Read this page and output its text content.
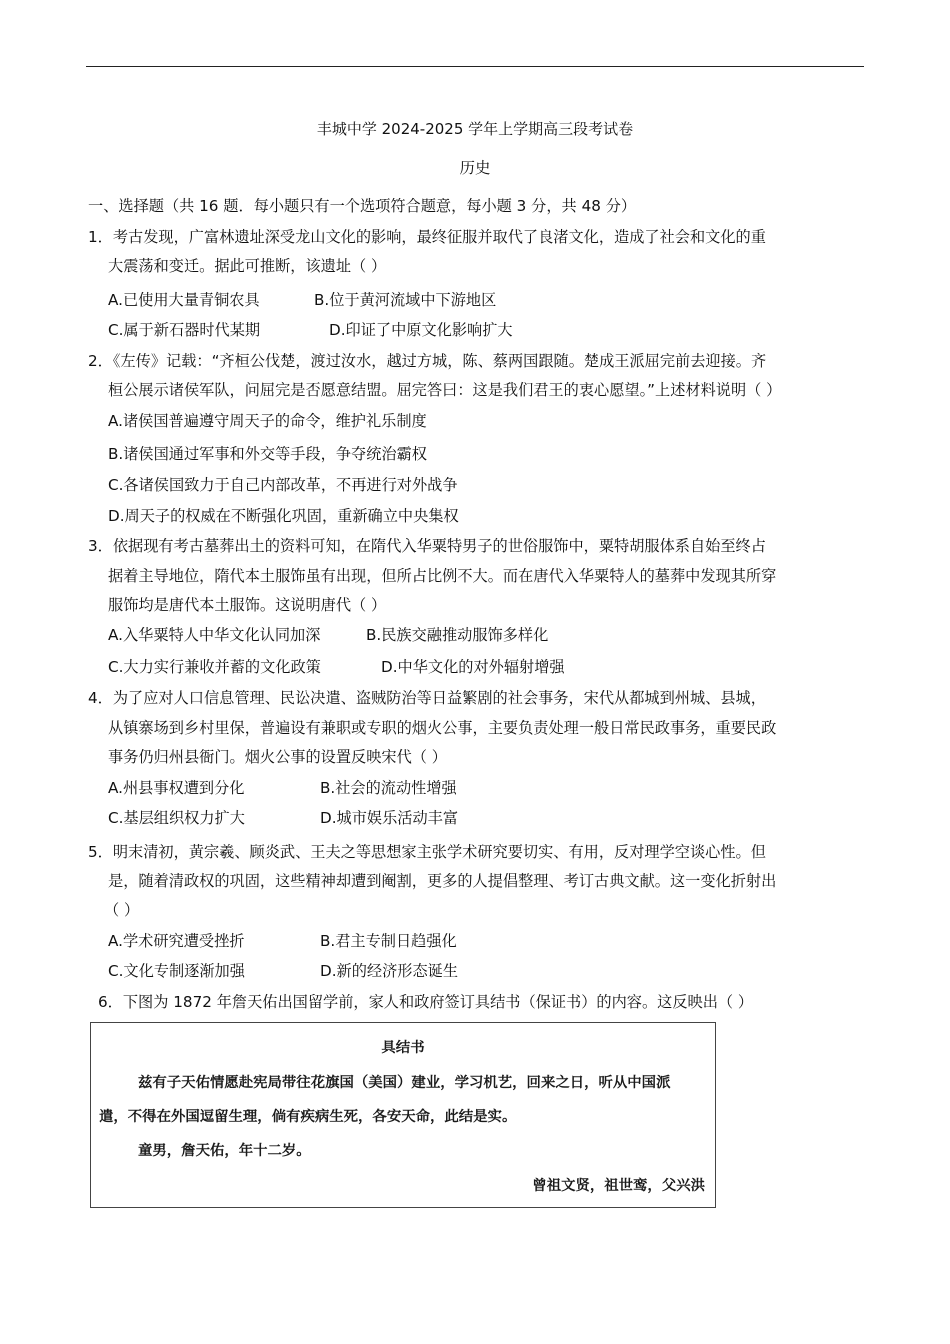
丰城中学 2024-2025 学年上学期高三段考试卷
历史
一、选择题（共 16 题．每小题只有一个选项符合题意，每小题 3 分，共 48 分）
1．考古发现，广富林遗址深受龙山文化的影响，最终征服并取代了良渚文化，造成了社会和文化的重
大震荡和变迁。据此可推断，该遗址（ ）
A.已使用大量青铜农具	B.位于黄河流域中下游地区
C.属于新石器时代某期	D.印证了中原文化影响扩大
2．《左传》记载：“齐桓公伐楚，渡过汝水，越过方城，陈、蔡两国跟随。楚成王派屈完前去迎接。齐
桓公展示诸侯军队，问屈完是否愿意结盟。屈完答曰：这是我们君王的衷心愿望。”上述材料说明（ ）
A.诸侯国普遍遵守周天子的命令，维护礼乐制度
B.诸侯国通过军事和外交等手段，争夺统治霸权
C.各诸侯国致力于自己内部改革，不再进行对外战争
D.周天子的权威在不断强化巩固，重新确立中央集权
3．依据现有考古墓葬出土的资料可知，在隋代入华粟特男子的世俗服饰中，粟特胡服体系自始至终占
据着主导地位，隋代本土服饰虽有出现，但所占比例不大。而在唐代入华粟特人的墓葬中发现其所穿
服饰均是唐代本土服饰。这说明唐代（ ）
A.入华粟特人中华文化认同加深	B.民族交融推动服饰多样化
C.大力实行兼收并蓄的文化政策	D.中华文化的对外辐射增强
4．为了应对人口信息管理、民讼决遣、盗贼防治等日益繁剧的社会事务，宋代从都城到州城、县城，
从镇寨场到乡村里保，普遍设有兼职或专职的烟火公事，主要负责处理一般日常民政事务，重要民政
事务仍归州县衙门。烟火公事的设置反映宋代（ ）
A.州县事权遭到分化	B.社会的流动性增强
C.基层组织权力扩大	D.城市娱乐活动丰富
5．明末清初，黄宗羲、顾炎武、王夫之等思想家主张学术研究要切实、有用，反对理学空谈心性。但
是，随着清政权的巩固，这些精神却遭到阉割，更多的人提倡整理、考订古典文献。这一变化折射出
（ ）
A.学术研究遭受挫折	B.君主专制日趋强化
C.文化专制逐渐加强	D.新的经济形态诞生
6．下图为 1872 年詹天佑出国留学前，家人和政府签订具结书（保证书）的内容。这反映出（ ）
具结书
兹有子天佑情愿赴宪局带往花旗国（美国）建业，学习机艺，回来之日，听从中国派
遣，不得在外国逗留生理，倘有疾病生死，各安天命，此结是实。
童男，詹天佑，年十二岁。
曾祖文贤，祖世鸾，父兴洪
